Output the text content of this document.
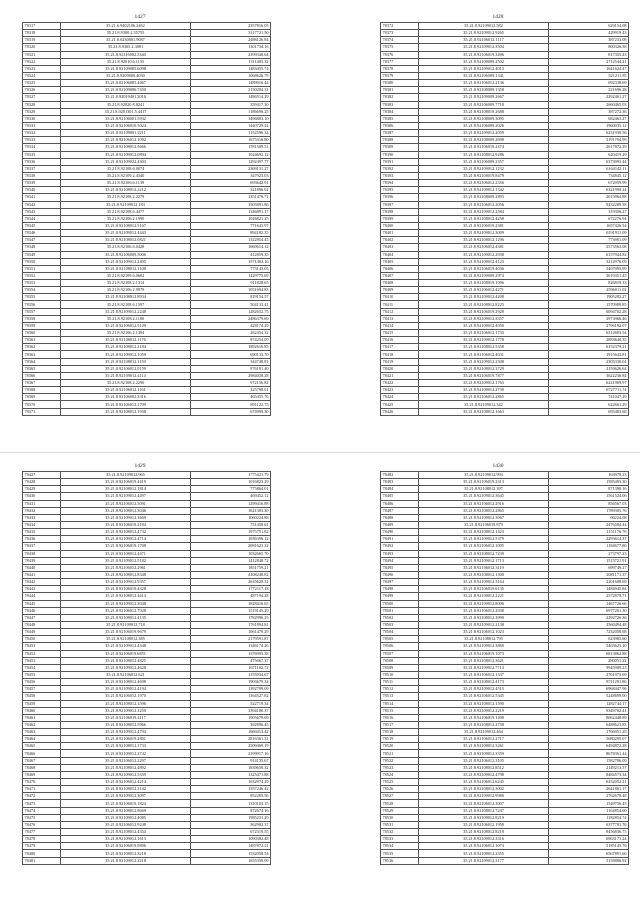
1427
78317	35.21.6.9402106.2462	2357816.05
78318	35.21.8.9300.2.35755	3117721.50
78319	35.21.8.0230001.9087	2488126.84
78320	35.21.8.9305.2.3081	1301734.16
78321	35.21.8.92116002.5340	2199348.64
78322	35.21.8.92010.6.1135	1311405.32
78323	35.21.8.92109085.6098	1483455.74
78324	35.21.8.9200000.4030	1068626.79
78325	35.21.8.02106085.4467	1489016.44
78326	35.21.8.92109086.7450	2150284.31
78327	35.21.8.92019401.3016	1486514.29
78328	35.21.8.92020.8.8241	359417.30
78329	35.21.8.9201301.5.4417	1186696.25
78330	35.21.8.92106001.5932	1496883.10
78331	35.21.8.92106010.5024	1440729.24
78332	35.21.8.92109001.2211	1152596.34
78333	35.21.8.92106012.1092	1675316.80
78334	35.21.8.92108012.5666	1781509.51
78335	35.21.8.92109012.0894	1024692.12
78336	35.21.8.92109022.4303	1292497.77
78337	35.21.8.92108.6.0074	2369131.27
78338	35.21.8.92109.2.4340	347923.03
78339	35.21.8.92106.6.1139	693642.91
78340	35.21.8.92108012.2212	321896.92
78341	35.21.8.92108.2.2279	1351476.71
78342	35.21.8.92109012.183	1505891.86
78343	35.21.8.92108.6.4477	1346891.17
78344	35.21.8.92106.2.1990	1026821.25
78345	35.21.8.92108012.5167	771643.97
78346	35.21.8.92109012.4443	894182.35
78347	35.21.8.92108012.0821	1322854.45
78348	35.21.8.92106.6.0428	1669614.12
78349	35.21.8.92106009.5006	412859.35
78350	35.21.8.92109012.2405	1571402.16
78351	35.21.8.92108012.1108	773143.05
78352	35.21.8.92109.6.0602	1429775.69
78353	35.21.8.92108.2.1314	911828.65
78354	35.21.8.92106.2.9979	1051694.83
78355	35.21.8.92108012.8934	829154.57
78356	35.21.8.92108.6.1597	504133.41
78357	35.21.8.92109012.2248	1282652.75
78358	35.21.8.92108.2.1180	2486379.69
78359	35.21.8.92106012.5129	428174.29
78360	35.21.8.92106.2.1394	262454.32
78361	35.21.8.92108012.1176	874254.09
78362	35.21.8.92108012.2184	1892616.85
78363	35.21.8.92109012.1059	690133.70
78364	35.21.8.92108012.1159	344748.81
78365	35.21.8.92106012.0159	876191.40
78366	35.21.8.92109012.4114	2984038.28
78367	35.21.8.92108.2.2290	972156.82
78368	35.21.8.92106012.1161	325798.01
78369	35.21.8.92106002.3316	465455.76
78370	35.21.8.92106012.1709	891122.75
78371	35.21.8.92108012.1938	674999.30
1428
78372	35.21.8.92109012.582	629154.08
78373	35.21.8.92109012.9265	429919.43
78374	35.21.8.92106012.1117	387233.08
78375	35.21.8.92109012.3504	860326.38
78376	35.21.8.92106019.3496	817355.43
78377	35.21.8.92108009.2502	2712544.21
78378	35.21.8.92109012.4013	1641624.47
78379	35.21.8.92106009.1341	521211.95
78380	35.21.8.92106012.2136	692338.69
78381	35.21.8.92108009.1358	221696.28
78382	35.21.8.92109009.2667	2292461.27
78383	35.21.8.92106009.7718	2660465.03
78384	35.21.8.92108019.2688	387272.36
78385	35.21.8.92108009.3095	682463.27
78386	35.21.8.92106009.2026	1960035.12
78387	35.21.8.92109012.2059	6231939.56
78388	35.21.8.92108009.2698	5191794.99
78389	35.21.8.92106019.2474	2617872.29
78390	35.21.8.92108012.9286	620419.29
78391	35.21.8.92106009.2357	6373993.44
78392	35.21.8.92109012.1232	6164142.11
78393	35.21.8.92108019.8479	734845.12
78394	35.21.8.92106012.2356	672059.99
78395	35.21.8.92109012.1342	6321990.24
78396	35.21.8.92108009.2893	2015964.88
78397	35.21.8.92106012.2056	9232289.38
78398	35.21.8.92109012.2584	319356.27
78399	35.21.8.92108012.4258	672276.94
78400	35.21.8.92106019.2381	1657426.54
78401	35.21.8.92109012.3009	6191911.09
78402	35.21.8.92108012.1296	773901.09
78403	35.21.8.92106012.4381	2573563.08
78404	35.21.8.92109012.2938	6157944.82
78405	35.21.8.92108012.4123	3212976.09
78406	35.21.8.92106019.4036	5407995.99
78407	35.21.8.92109009.2974	3619351.45
78408	35.21.8.92108019.1096	826819.33
78409	35.21.8.92106012.4271	2596011.02
78410	35.21.8.92109012.4208	1905282.27
78411	35.21.8.92108012.8225	1570989.85
78412	35.21.8.92106019.2928	6094702.28
78413	35.21.8.92109012.3357	2973966.46
78414	35.21.8.92108012.4950	2796192.07
78415	35.21.8.92106012.1733	6312683.54
78416	35.21.8.92109012.1778	2883640.35
78417	35.21.8.92108012.5358	6152379.21
78418	35.21.8.92106012.4031	1915643.81
78419	35.21.8.92109012.2308	2305330.04
78420	35.21.8.92108012.3729	2159626.64
78421	35.21.8.92106019.7877	3622236.84
78422	35.21.8.92109012.1763	6221909.97
78423	35.21.8.92108012.2739	6727711.74
78424	35.21.8.92106012.2865	741047.29
78425	35.21.8.92109012.342	622661.29
78426	35.21.8.92108012.1663	695483.68
1429
78427	35.21.8.92109012.965	1775421.79
78428	35.21.8.92106019.4419	1016823.29
78429	35.21.8.92108012.1814	775864.01
78430	35.21.8.92109012.4497	469452.12
78431	35.21.8.92106012.5091	1299416.88
78432	35.21.8.92108012.3046	1621303.30
78433	35.21.8.92109012.3669	1060224.88
78434	35.21.8.92106019.2184	751458.61
78435	35.21.8.92108012.4732	1975751.82
78436	35.21.8.92109012.4714	1036396.12
78437	35.21.8.92106019.1708	2081621.22
78438	35.21.8.92108012.4471	1032665.70
78439	35.21.8.92109012.5182	1412848.72
78440	35.21.8.92106012.2961	1851759.21
78441	35.21.8.92108012.8348	4108248.82
78442	35.21.8.92109012.9357	2635620.31
78443	35.21.8.92106019.4328	1772117.18
78444	35.21.8.92108012.4414	487194.28
78445	35.21.8.92109012.3048	1828416.63
78446	35.21.8.92106012.7928	1519145.29
78447	35.21.8.92108012.4135	1782996.25
78448	35.21.8.92109012.718	1761894.81
78449	35.21.8.92106019.9679	1061479.29
78450	35.21.8.92108012.385	2179591.87
78451	35.21.8.92109012.4348	1346174.26
78452	35.21.8.92106019.6851	1376995.38
78453	35.21.8.92108012.4825	475667.37
78454	35.21.8.92109012.4628	1671102.72
78455	35.21.8.92106012.621	1155934.67
78456	35.21.8.92108012.4698	1903679.34
78457	35.21.8.92109012.4194	1392799.09
78458	35.21.8.92106012.1970	1164527.82
78459	35.21.8.92108012.1596	522719.34
78460	35.21.8.92109012.1259	1394180.37
78461	35.21.8.92106019.4117	1905679.69
78462	35.21.8.92108012.5966	392896.45
78463	35.21.8.92109012.4794	1669413.42
78464	35.21.8.92106019.2801	2816361.31
78465	35.21.8.92108012.1733	2509469.19
78466	35.21.8.92109012.2742	2199917.16
78467	35.21.8.92106012.2297	914135.67
78468	35.21.8.92108012.4892	1839658.32
78469	35.21.8.92109012.5359	1325471.88
78470	35.21.8.92106012.4214	1632974.29
78471	35.21.8.92108012.3142	1557246.42
78472	35.21.8.92109012.3097	852285.56
78473	35.21.8.92106019.1824	1310103.15
78474	35.21.8.92108012.8669	872674.16
78475	35.21.8.92109012.4085	1985231.29
78476	35.21.8.92106012.9248	362902.37
78477	35.21.8.92108012.4354	672319.55
78478	35.21.8.92109012.1613	1090382.48
78479	35.21.8.92106019.9896	1487872.21
78480	35.21.8.92108012.3218	1532058.54
78481	35.21.8.92109012.2218	1655358.09
1430
78482	35.21.8.92109012.994	163978.23
78483	35.21.8.92106019.2313	1585493.30
78484	35.21.8.92108012.397	871390.16
78485	35.21.8.92109012.3645	1561524.06
78486	35.21.8.92106012.2916	856567.03
78487	35.21.8.92108012.2865	1789305.76
78488	35.21.8.92109012.3967	66224.08
78489	35.21.8.92106019.879	2476584.44
78490	35.21.8.92108012.1423	1151176.76
78491	35.21.8.92109012.5379	2293614.37
78492	35.21.8.92106012.1095	1184677.86
78493	35.21.8.92108012.7239	273797.23
78494	35.21.8.92109012.1713	1515721.91
78495	35.21.8.92106012.3119	699749.27
78496	35.21.8.92108012.1300	2081171.37
78497	35.21.8.92109012.3164	2201608.69
78498	35.21.8.92106019.6135	1484945.84
78499	35.21.8.92108012.2221	2572878.71
78500	35.21.8.92109012.8006	1467726.66
78501	35.21.8.92106012.2938	6977261.30
78502	35.21.8.92108012.3990	2292726.36
78503	35.21.8.92109012.2138	2560494.48
78504	35.21.8.92106012.1023	7232058.68
78505	35.21.8.92108012.795	623985.60
78506	35.21.8.92109012.3869	5463625.10
78507	35.21.8.92106019.1073	6813862.88
78508	35.21.8.92108012.3621	280051.22
78509	35.21.8.92109012.7713	9945989.23
78510	35.21.8.92106012.1337	2761973.69
78511	35.21.8.92108012.4173	8711291.86
78512	35.21.8.92109012.4515	6968447.96
78513	35.21.8.92106012.5345	5248699.00
78514	35.21.8.92108012.1590	1282744.17
78515	35.21.8.92109012.2219	9349782.41
78516	35.21.8.92106019.1408	8662448.89
78517	35.21.8.92108012.2758	6488623.83
78518	35.21.8.92109012.464	1766951.29
78519	35.21.8.92106012.2717	5680295.07
78520	35.21.8.92108012.3261	6494872.28
78521	35.21.8.92109012.3359	8678361.44
78522	35.21.8.92106012.3105	1582786.09
78523	35.21.8.92108012.8512	2149213.57
78524	35.21.8.92109012.4798	8484573.34
78525	35.21.8.92106012.6245	6252052.21
78526	35.21.8.92108012.3002	2641861.17
78527	35.21.8.92109012.9986	2762678.48
78528	35.21.8.92106012.3007	1549756.45
78529	35.21.8.92108012.7247	1164854.60
78530	35.21.8.92109012.8219	1182854.74
78531	35.21.8.92106012.1958	6377781.76
78532	35.21.8.92108012.8218	8456836.75
78533	35.21.8.92109012.3316	6963171.24
78534	35.21.8.92106012.1074	5185145.76
78535	35.21.8.92108012.2355	6567891.66
78536	35.21.8.92109012.3177	5159806.92
